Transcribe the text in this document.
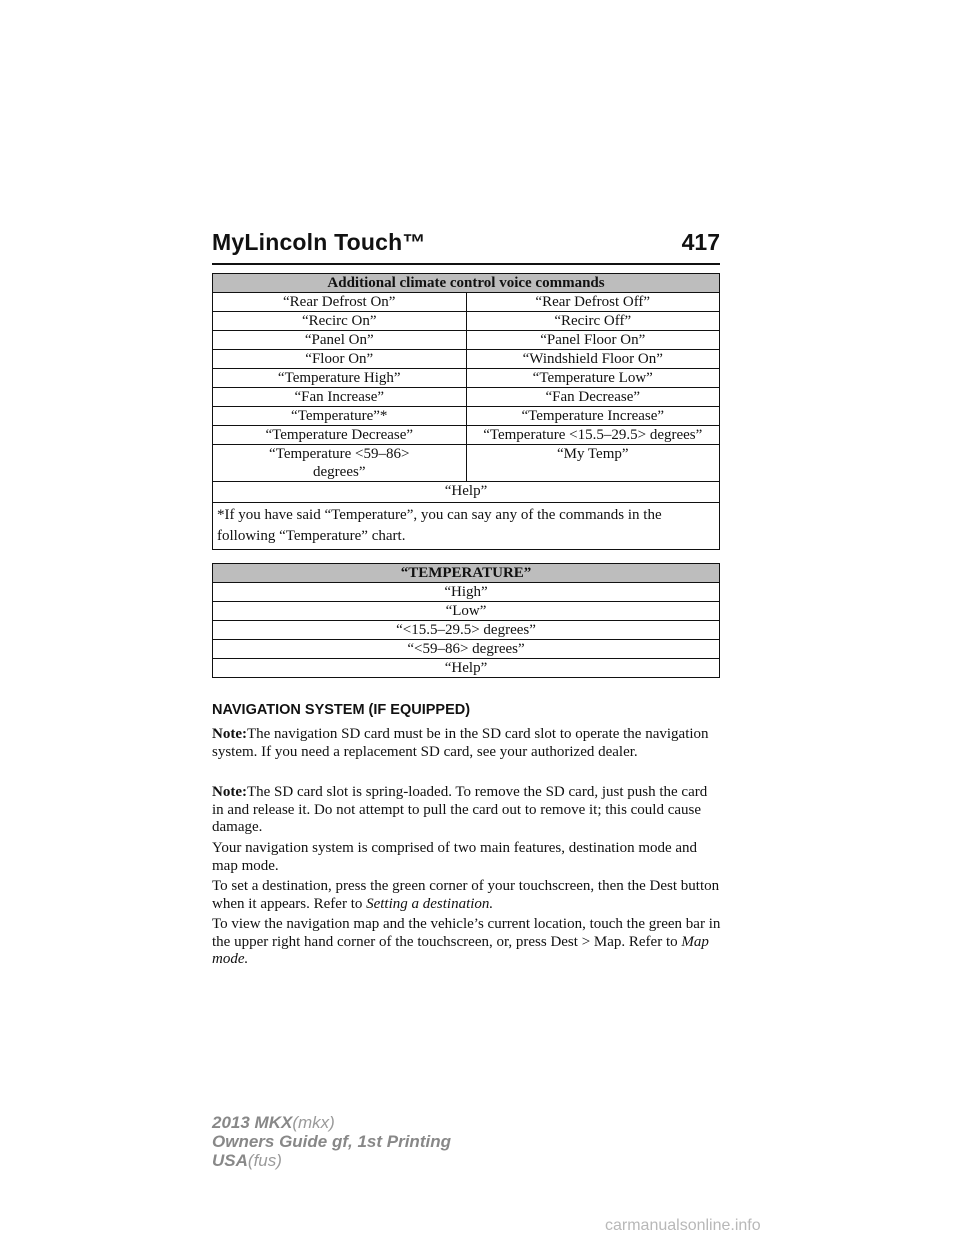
MyLincoln Touch™	417
Additional climate control voice commands	
“Rear Defrost On”	“Rear Defrost Off”
“Recirc On”	“Recirc Off”
“Panel On”	“Panel Floor On”
“Floor On”	“Windshield Floor On”
“Temperature High”	“Temperature Low”
“Fan Increase”	“Fan Decrease”
“Temperature”*	“Temperature Increase”
“Temperature Decrease”	“Temperature <15.5–29.5> degrees”
“Temperature <59–86> degrees”	“My Temp”
“Help”	
*If you have said “Temperature”, you can say any of the commands in the following “Temperature” chart.	
“TEMPERATURE”
“High”
“Low”
“<15.5–29.5> degrees”
“<59–86> degrees”
“Help”
NAVIGATION SYSTEM (IF EQUIPPED)
Note:The navigation SD card must be in the SD card slot to operate the navigation system. If you need a replacement SD card, see your authorized dealer.
Note:The SD card slot is spring-loaded. To remove the SD card, just push the card in and release it. Do not attempt to pull the card out to remove it; this could cause damage.
Your navigation system is comprised of two main features, destination mode and map mode.
To set a destination, press the green corner of your touchscreen, then the Dest button when it appears. Refer to Setting a destination.
To view the navigation map and the vehicle’s current location, touch the green bar in the upper right hand corner of the touchscreen, or, press Dest > Map. Refer to Map mode.
2013 MKX(mkx)
Owners Guide gf, 1st Printing
USA(fus)
carmanualsonline.info
